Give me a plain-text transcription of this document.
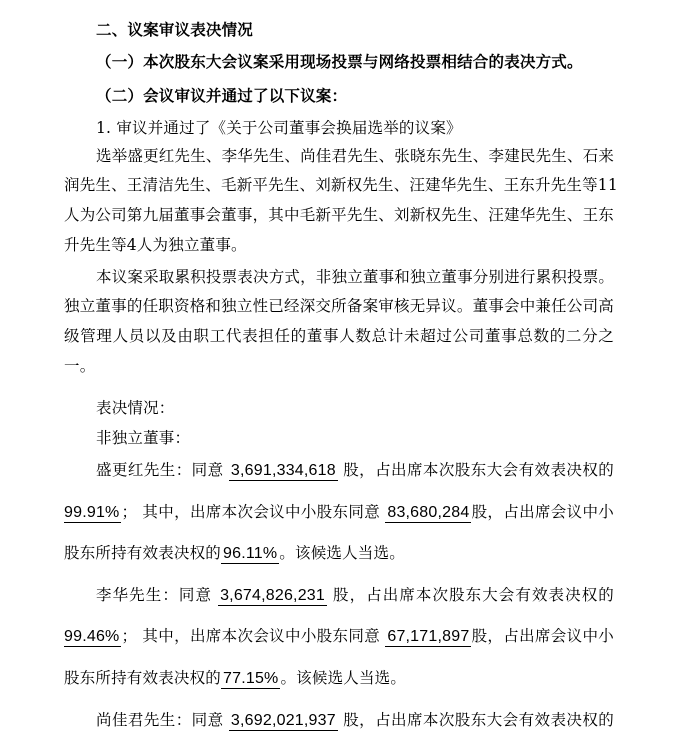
二、议案审议表决情况
（一）本次股东大会议案采用现场投票与网络投票相结合的表决方式。
（二）会议审议并通过了以下议案：
1. 审议并通过了《关于公司董事会换届选举的议案》
选举盛更红先生、李华先生、尚佳君先生、张晓东先生、李建民先生、石来
润先生、王清洁先生、毛新平先生、刘新权先生、汪建华先生、王东升先生等11
人为公司第九届董事会董事，其中毛新平先生、刘新权先生、汪建华先生、王东
升先生等4人为独立董事。
本议案采取累积投票表决方式，非独立董事和独立董事分别进行累积投票。
独立董事的任职资格和独立性已经深交所备案审核无异议。董事会中兼任公司高
级管理人员以及由职工代表担任的董事人数总计未超过公司董事总数的二分之
一。
表决情况：
非独立董事：
盛更红先生：同意 3,691,334,618 股，占出席本次股东大会有效表决权的
99.91% ； 其中，出席本次会议中小股东同意 83,680,284 股，占出席会议中小
股东所持有效表决权的 96.11% 。该候选人当选。
李华先生：同意 3,674,826,231 股，占出席本次股东大会有效表决权的
99.46% ； 其中，出席本次会议中小股东同意 67,171,897 股，占出席会议中小
股东所持有效表决权的 77.15% 。该候选人当选。
尚佳君先生：同意 3,692,021,937 股，占出席本次股东大会有效表决权的
